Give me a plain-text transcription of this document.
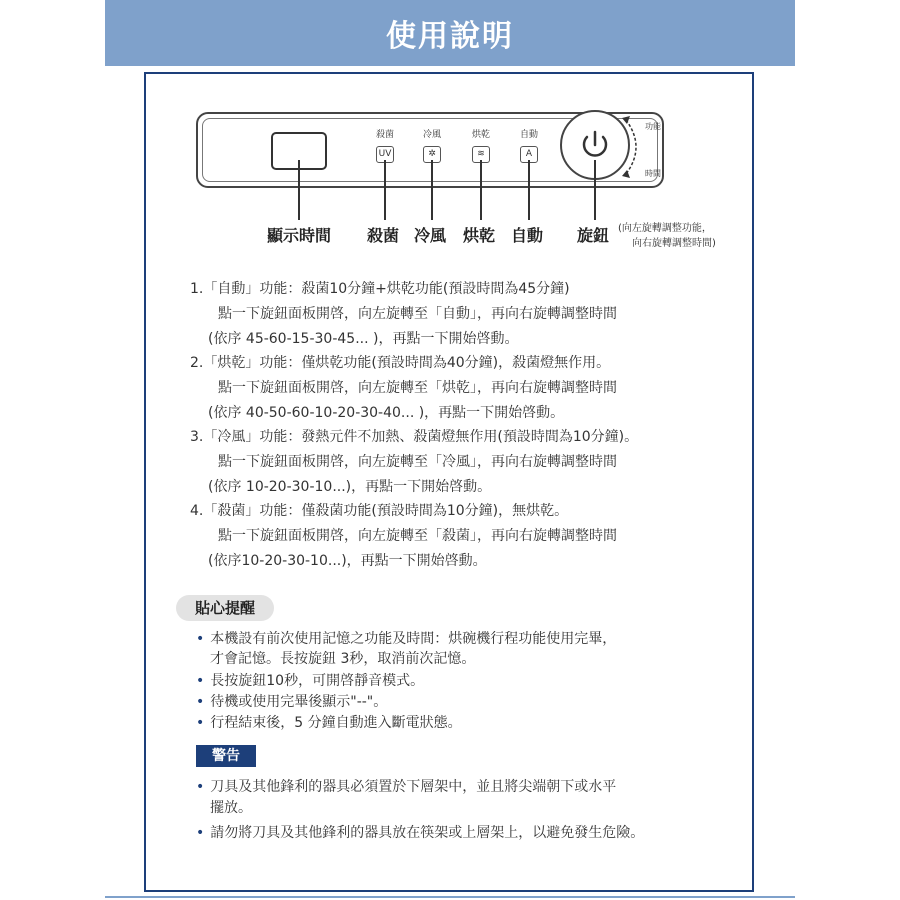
使用說明
殺菌
UV
冷風
✲
烘乾
≋
自動
A
功能
時間
顯示時間 殺菌 冷風 烘乾 自動 旋鈕 (向左旋轉調整功能，
向右旋轉調整時間)
1.「自動」功能：殺菌10分鐘+烘乾功能(預設時間為45分鐘)
點一下旋鈕面板開啓，向左旋轉至「自動」，再向右旋轉調整時間
(依序 45-60-15-30-45... )，再點一下開始啓動。
2.「烘乾」功能：僅烘乾功能(預設時間為40分鐘)，殺菌燈無作用。
點一下旋鈕面板開啓，向左旋轉至「烘乾」，再向右旋轉調整時間
(依序 40-50-60-10-20-30-40... )，再點一下開始啓動。
3.「冷風」功能：發熱元件不加熱、殺菌燈無作用(預設時間為10分鐘)。
點一下旋鈕面板開啓，向左旋轉至「冷風」，再向右旋轉調整時間
(依序 10-20-30-10...)，再點一下開始啓動。
4.「殺菌」功能：僅殺菌功能(預設時間為10分鐘)，無烘乾。
點一下旋鈕面板開啓，向左旋轉至「殺菌」，再向右旋轉調整時間
(依序10-20-30-10...)，再點一下開始啓動。
貼心提醒
• 本機設有前次使用記憶之功能及時間：烘碗機行程功能使用完畢，
才會記憶。長按旋鈕 3秒，取消前次記憶。
• 長按旋鈕10秒，可開啓靜音模式。
• 待機或使用完畢後顯示"--"。
• 行程結束後，5 分鐘自動進入斷電狀態。
警告
• 刀具及其他鋒利的器具必須置於下層架中，並且將尖端朝下或水平
擺放。
• 請勿將刀具及其他鋒利的器具放在筷架或上層架上，以避免發生危險。
